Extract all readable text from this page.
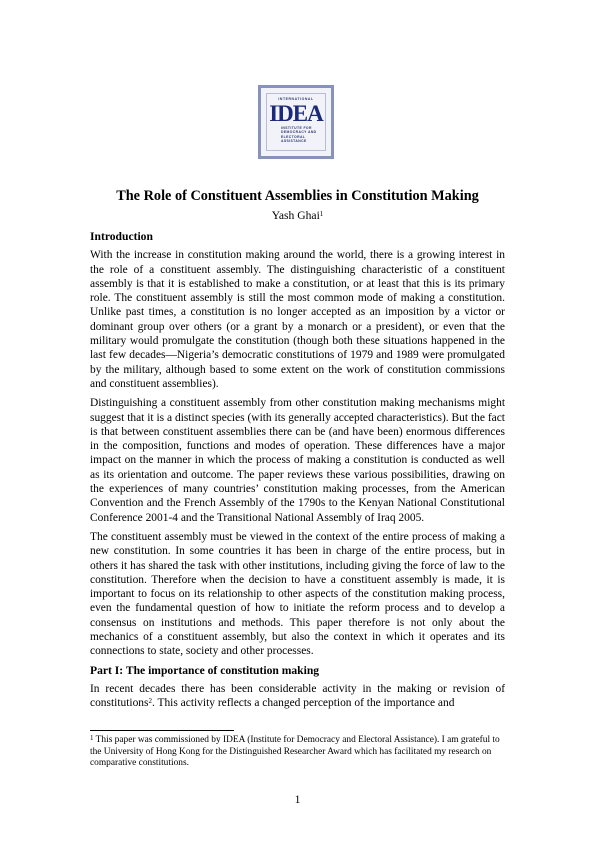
INTERNATIONAL
IDEA
INSTITUTE FOR
DEMOCRACY AND
ELECTORAL
ASSISTANCE
The Role of Constituent Assemblies in Constitution Making
Yash Ghai$^1$
Introduction

With the increase in constitution making around the world, there is a growing interest in the role of a constituent assembly. The distinguishing characteristic of a constituent assembly is that it is established to make a constitution, or at least that this is its primary role. The constituent assembly is still the most common mode of making a constitution. Unlike past times, a constitution is no longer accepted as an imposition by a victor or dominant group over others (or a grant by a monarch or a president), or even that the military would promulgate the constitution (though both these situations happened in the last few decades—Nigeria’s democratic constitutions of 1979 and 1989 were promulgated by the military, although based to some extent on the work of constitution commissions and constituent assemblies).

Distinguishing a constituent assembly from other constitution making mechanisms might suggest that it is a distinct species (with its generally accepted characteristics). But the fact is that between constituent assemblies there can be (and have been) enormous differences in the composition, functions and modes of operation. These differences have a major impact on the manner in which the process of making a constitution is conducted as well as its orientation and outcome. The paper reviews these various possibilities, drawing on the experiences of many countries’ constitution making processes, from the American Convention and the French Assembly of the 1790s to the Kenyan National Constitutional Conference 2001-4 and the Transitional National Assembly of Iraq 2005.

The constituent assembly must be viewed in the context of the entire process of making a new constitution. In some countries it has been in charge of the entire process, but in others it has shared the task with other institutions, including giving the force of law to the constitution. Therefore when the decision to have a constituent assembly is made, it is important to focus on its relationship to other aspects of the constitution making process, even the fundamental question of how to initiate the reform process and to develop a consensus on institutions and methods. This paper therefore is not only about the mechanics of a constituent assembly, but also the context in which it operates and its connections to state, society and other processes.

Part I: The importance of constitution making

In recent decades there has been considerable activity in the making or revision of constitutions$^2$. This activity reflects a changed perception of the importance and

$^1$ This paper was commissioned by IDEA (Institute for Democracy and Electoral Assistance). I am grateful to the University of Hong Kong for the Distinguished Researcher Award which has facilitated my research on comparative constitutions.
1
